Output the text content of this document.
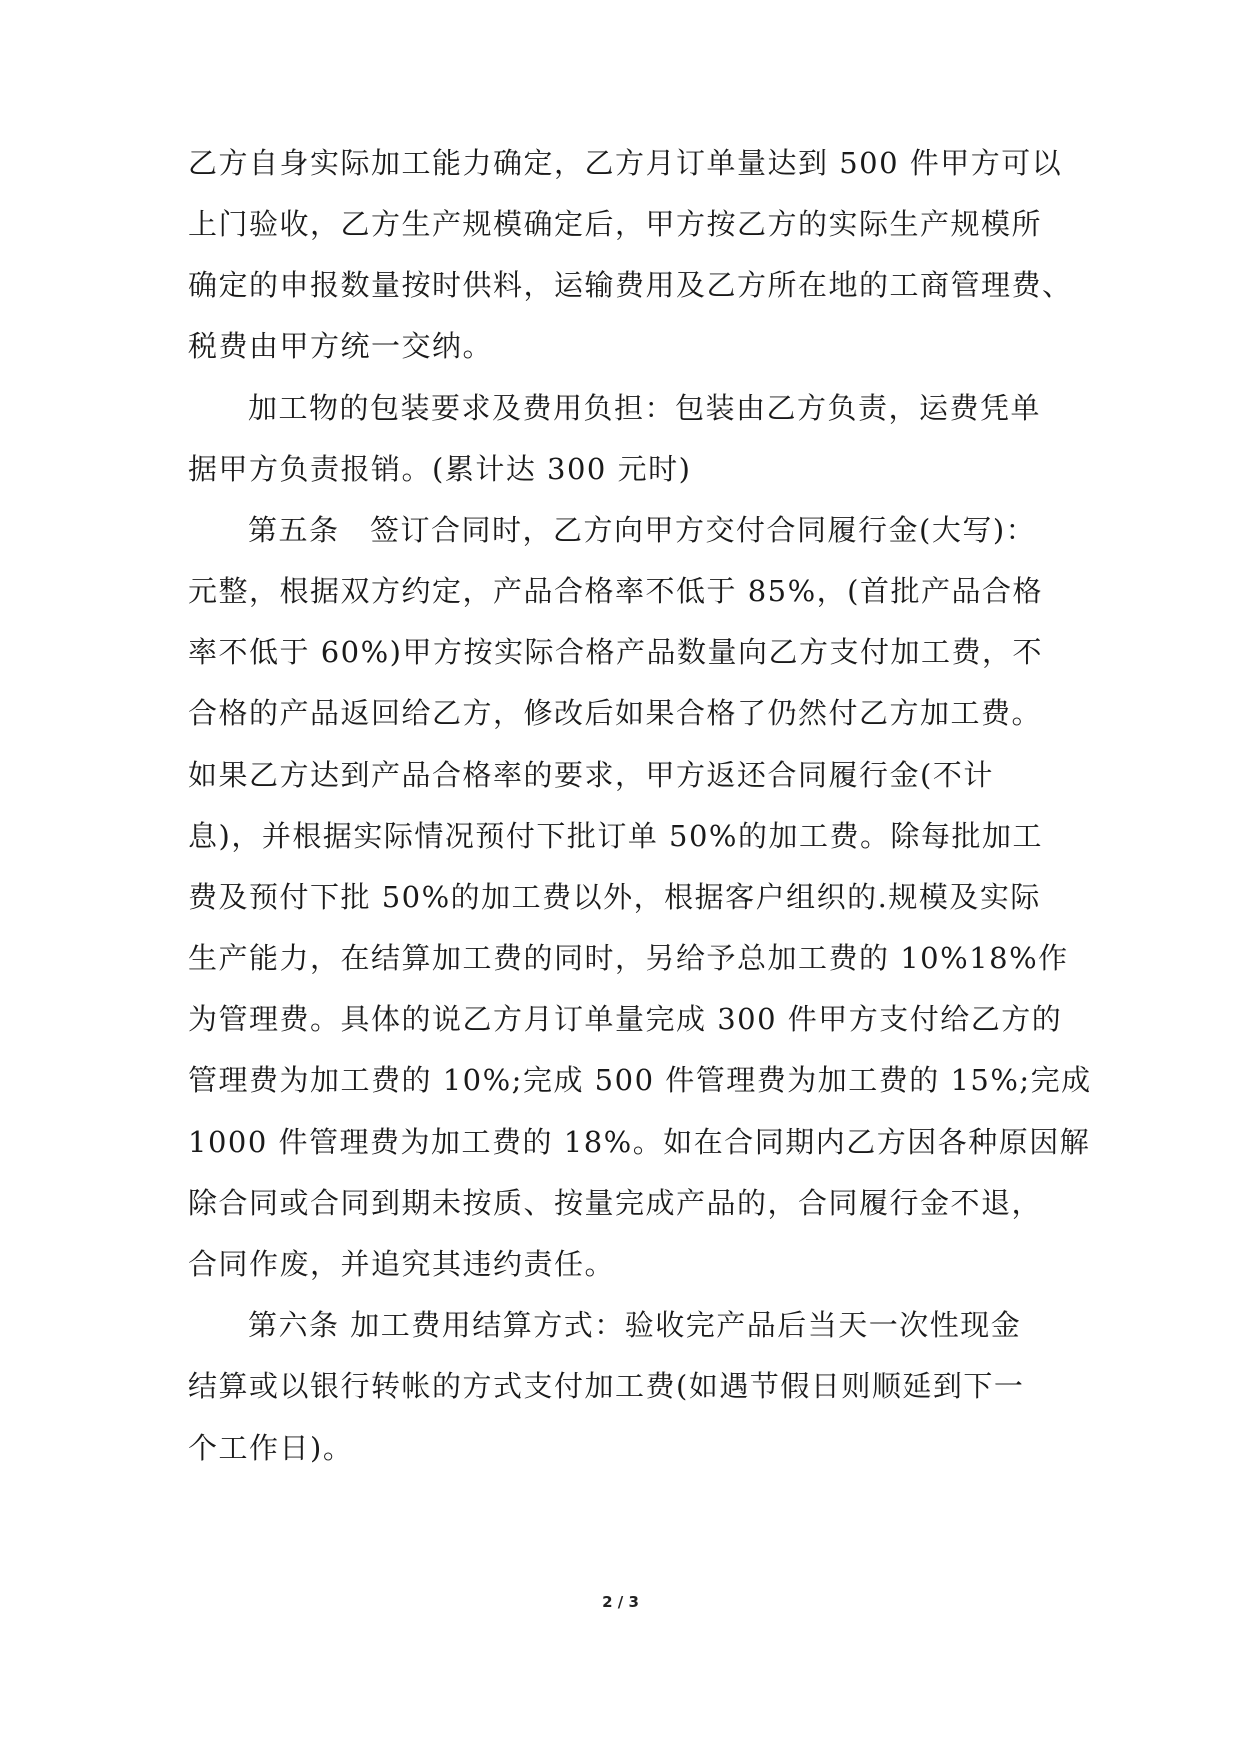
乙方自身实际加工能力确定，乙方月订单量达到 500 件甲方可以
上门验收，乙方生产规模确定后，甲方按乙方的实际生产规模所
确定的申报数量按时供料，运输费用及乙方所在地的工商管理费、
税费由甲方统一交纳。
加工物的包装要求及费用负担：包装由乙方负责，运费凭单
据甲方负责报销。(累计达 300 元时)
第五条　签订合同时，乙方向甲方交付合同履行金(大写)：
元整，根据双方约定，产品合格率不低于 85%，(首批产品合格
率不低于 60%)甲方按实际合格产品数量向乙方支付加工费，不
合格的产品返回给乙方，修改后如果合格了仍然付乙方加工费。
如果乙方达到产品合格率的要求，甲方返还合同履行金(不计
息)，并根据实际情况预付下批订单 50%的加工费。除每批加工
费及预付下批 50%的加工费以外，根据客户组织的.规模及实际
生产能力，在结算加工费的同时，另给予总加工费的 10%18%作
为管理费。具体的说乙方月订单量完成 300 件甲方支付给乙方的
管理费为加工费的 10%;完成 500 件管理费为加工费的 15%;完成
1000 件管理费为加工费的 18%。如在合同期内乙方因各种原因解
除合同或合同到期未按质、按量完成产品的，合同履行金不退，
合同作废，并追究其违约责任。
第六条 加工费用结算方式：验收完产品后当天一次性现金
结算或以银行转帐的方式支付加工费(如遇节假日则顺延到下一
个工作日)。
2 / 3
